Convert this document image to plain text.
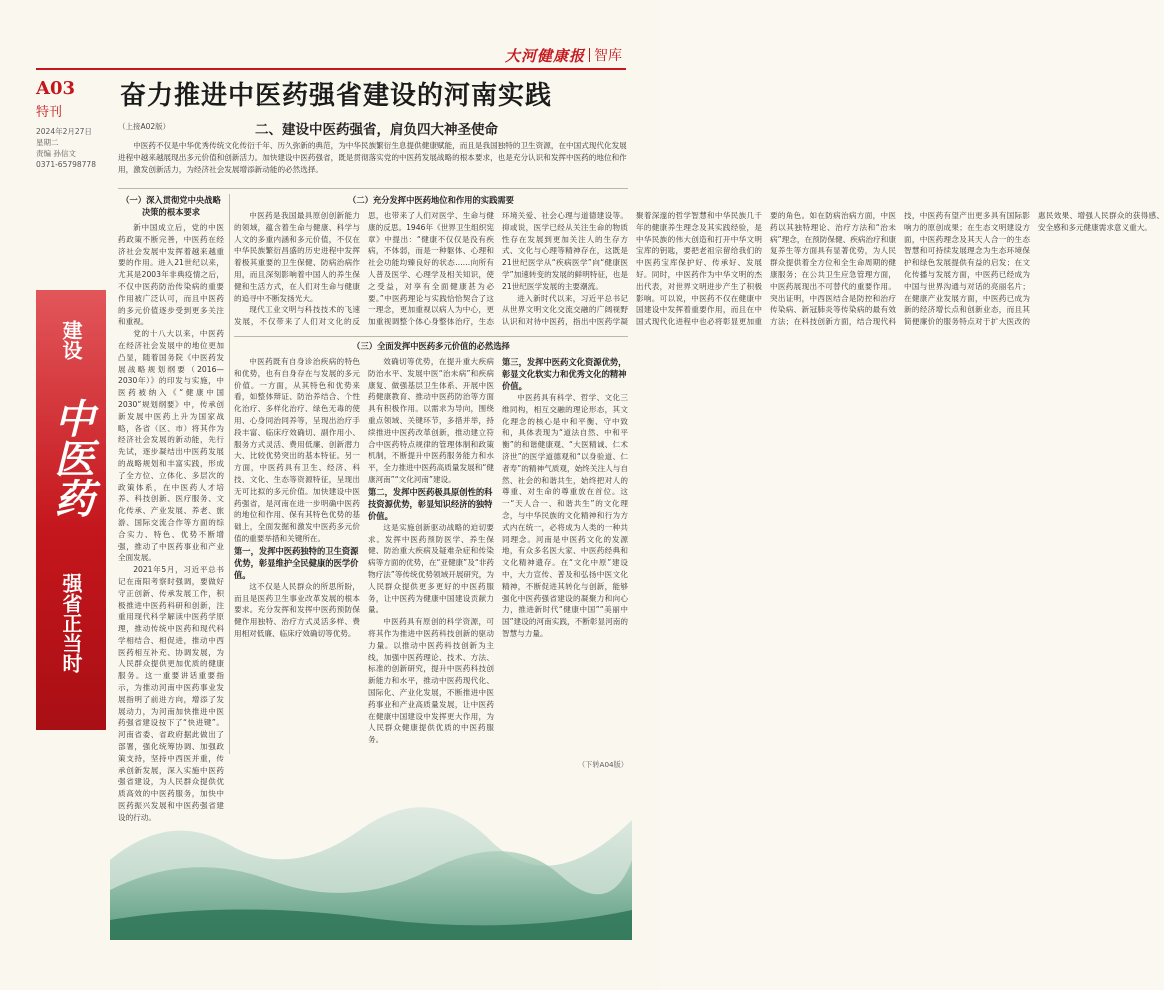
大河健康报 智库
A03
特刊
2024年2月27日
星期二
责编 孙信文
0371-65798778
建设
中医药
强省正当时
奋力推进中医药强省建设的河南实践
（上接A02版）	二、建设中医药强省，肩负四大神圣使命

中医药不仅是中华优秀传统文化传衍千年、历久弥新的典范，为中华民族繁衍生息提供健康赋能，而且是我国独特的卫生资源，在中国式现代化发展进程中越来越展现出多元价值和创新活力。加快建设中医药强省，既是贯彻落实党的中医药发展战略的根本要求，也是充分认识和发挥中医药的地位和作用，激发创新活力，为经济社会发展增添新动能的必然选择。

（一）深入贯彻党中央战略决策的根本要求

新中国成立后，党的中医药政策不断完善，中医药在经济社会发展中发挥着越来越重要的作用。进入21世纪以来，尤其是2003年非典疫情之后，不仅中医药防治传染病的重要作用被广泛认可，而且中医药的多元价值逐步受到更多关注和重视。

党的十八大以来，中医药在经济社会发展中的地位更加凸显，随着国务院《中医药发展战略规划纲要（2016—2030年）》的印发与实施，中医药被纳入《“健康中国2030”规划纲要》中，传承创新发展中医药上升为国家战略，各省（区、市）将其作为经济社会发展的新动能，先行先试，逐步凝结出中医药发展的战略规划和丰富实践，形成了全方位、立体化、多层次的政策体系，在中医药人才培养、科技创新、医疗服务、文化传承、产业发展、养老、旅游、国际交流合作等方面的综合实力、特色、优势不断增强，推动了中医药事业和产业全面发展。

2021年5月，习近平总书记在南阳考察时强调，要做好守正创新、传承发展工作，积极推进中医药科研和创新，注重用现代科学解读中医药学原理，推动传统中医药和现代科学相结合、相促进，推动中西医药相互补充、协调发展，为人民群众提供更加优质的健康服务。这一重要讲话重要指示，为推动河南中医药事业发展指明了前进方向，增添了发展动力，为河南加快推进中医药强省建设按下了“快进键”。河南省委、省政府据此做出了部署，强化统筹协调、加强政策支持，坚持中西医并重，传承创新发展，深入实施中医药强省建设，为人民群众提供优质高效的中医药服务，加快中医药振兴发展和中医药强省建设的行动。

（二）充分发挥中医药地位和作用的实践需要

中医药是我国最具原创创新能力的领域，蕴含着生命与健康、科学与人文的多重内涵和多元价值，不仅在中华民族繁衍昌盛的历史进程中发挥着极其重要的卫生保健、防病治病作用，而且深刻影响着中国人的养生保健和生活方式，在人们对生命与健康的追寻中不断发扬光大。

现代工业文明与科技技术的飞速发展，不仅带来了人们对文化的反思，也带来了人们对医学、生命与健康的反思。1946年《世界卫生组织宪章》中提出：“健康不仅仅是没有疾病，不体弱，而是一种躯体、心理和社会功能均臻良好的状态……向所有人普及医学、心理学及相关知识，使之受益，对享有全面健康甚为必要。”中医药理论与实践恰恰契合了这一理念，更加重视以病人为中心，更加重视调整个体心身整体治疗，生态环境关爱、社会心理与道德建设等。抑或说，医学已经从关注生命的物质性存在发展到更加关注人的生存方式、文化与心理等精神存在，这既是21世纪医学从“疾病医学”向“健康医学”加速转变的发展的鲜明特征，也是21世纪医学发展的主要潮流。

进入新时代以来，习近平总书记从世界文明文化交流交融的广阔视野认识和对待中医药，指出中医药学凝聚着深邃的哲学智慧和中华民族几千年的健康养生理念及其实践经验，是中华民族的伟大创造和打开中华文明宝库的钥匙，要把老祖宗留给我们的中医药宝库保护好、传承好、发展好。同时，中医药作为中华文明的杰出代表，对世界文明进步产生了积极影响。可以说，中医药不仅在健康中国建设中发挥着重要作用，而且在中国式现代化进程中也必将彰显更加重要的角色。如在防病治病方面，中医药以其独特理论、治疗方法和“治未病”理念，在预防保健、疾病治疗和康复养生等方面具有显著优势，为人民群众提供着全方位和全生命周期的健康服务；在公共卫生应急管理方面，中医药展现出不可替代的重要作用。突出证明，中西医结合是防控和治疗传染病、新冠肺炎等传染病的最有效方法；在科技创新方面，结合现代科技，中医药有望产出更多具有国际影响力的原创成果；在生态文明建设方面，中医药理念及其天人合一的生态智慧和可持续发展理念为生态环境保护和绿色发展提供有益的启发；在文化传播与发展方面，中医药已经成为中国与世界沟通与对话的亮丽名片；在健康产业发展方面，中医药已成为新的经济增长点和创新业态，而且其简便廉价的服务特点对于扩大医改的惠民效果、增强人民群众的获得感、安全感和多元健康需求意义重大。

（三）全面发挥中医药多元价值的必然选择

中医药既有自身诊治疾病的特色和优势，也有自身存在与发展的多元价值。一方面，从其特色和优势来看，如整体辩证、防治养结合、个性化治疗、多样化治疗、绿色无毒的使用、心身同治同养等，呈现出治疗手段丰富、临床疗效确切、副作用小、服务方式灵活、费用低廉、创新潜力大、比较优势突出的基本特征。另一方面，中医药具有卫生、经济、科技、文化、生态等资源特征，呈现出无可比拟的多元价值。加快建设中医药强省，是河南在进一步明确中医药的地位和作用、保有其特色优势的基础上，全面发掘和激发中医药多元价值的重要举措和关键所在。

第一，发挥中医药独特的卫生资源优势，彰显维护全民健康的医学价值。

这不仅是人民群众的所思所盼，而且是医药卫生事业改革发展的根本要求。充分发挥和发挥中医药预防保健作用独特、治疗方式灵活多样、费用相对低廉、临床疗效确切等优势。

效确切等优势，在提升重大疾病防治水平、发展中医“治未病”和疾病康复、做强基层卫生体系、开展中医药健康教育、推动中医药防治等方面具有积极作用。以需求为导向，围绕重点领域、关键环节，多措并举，持续推进中医药改革创新，推动建立符合中医药特点规律的管理体制和政策机制，不断提升中医药服务能力和水平，全力推进中医药高质量发展和“健康河南”“文化河南”建设。

第二，发挥中医药极具原创性的科技资源优势，彰显知识经济的独特价值。

这是实施创新驱动战略的迫切要求。发挥中医药预防医学、养生保健、防治重大疾病及疑难杂症和传染病等方面的优势，在“亚健康”及“非药物疗法”等传统优势领域开展研究，为人民群众提供更多更好的中医药服务，让中医药为健康中国建设贡献力量。

中医药具有原创的科学资源，可将其作为推进中医药科技创新的驱动力量。以推动中医药科技创新为主线，加强中医药理论、技术、方法、标准的创新研究，提升中医药科技创新能力和水平，推动中医药现代化、国际化、产业化发展，不断推进中医药事业和产业高质量发展，让中医药在健康中国建设中发挥更大作用，为人民群众健康提供优质的中医药服务。

第三，发挥中医药文化资源优势，彰显文化软实力和优秀文化的精神价值。

中医药具有科学、哲学、文化三维同构，相互交融的理论形态，其文化理念的核心是中和平衡、守中致和，具体表现为“道法自然、中和平衡”的和谐健康观、“大医精诚、仁术济世”的医学道德观和“以身验道、仁者寿”的精神气质观，始终关注人与自然、社会的和谐共生，始终把对人的尊重、对生命的尊重放在首位。这一“天人合一、和谐共生”的文化理念，与中华民族的文化精神和行为方式内在统一，必将成为人类的一种共同理念。河南是中医药文化的发源地，有众多名医大家、中医药经典和文化精神遗存。在“文化中原”建设中，大力宣传、普及和弘扬中医文化精神，不断促进其转化与创新，能够强化中医药强省建设的凝聚力和向心力，推进新时代“健康中国”“美丽中国”建设的河南实践，不断彰显河南的智慧与力量。

（下转A04版）
